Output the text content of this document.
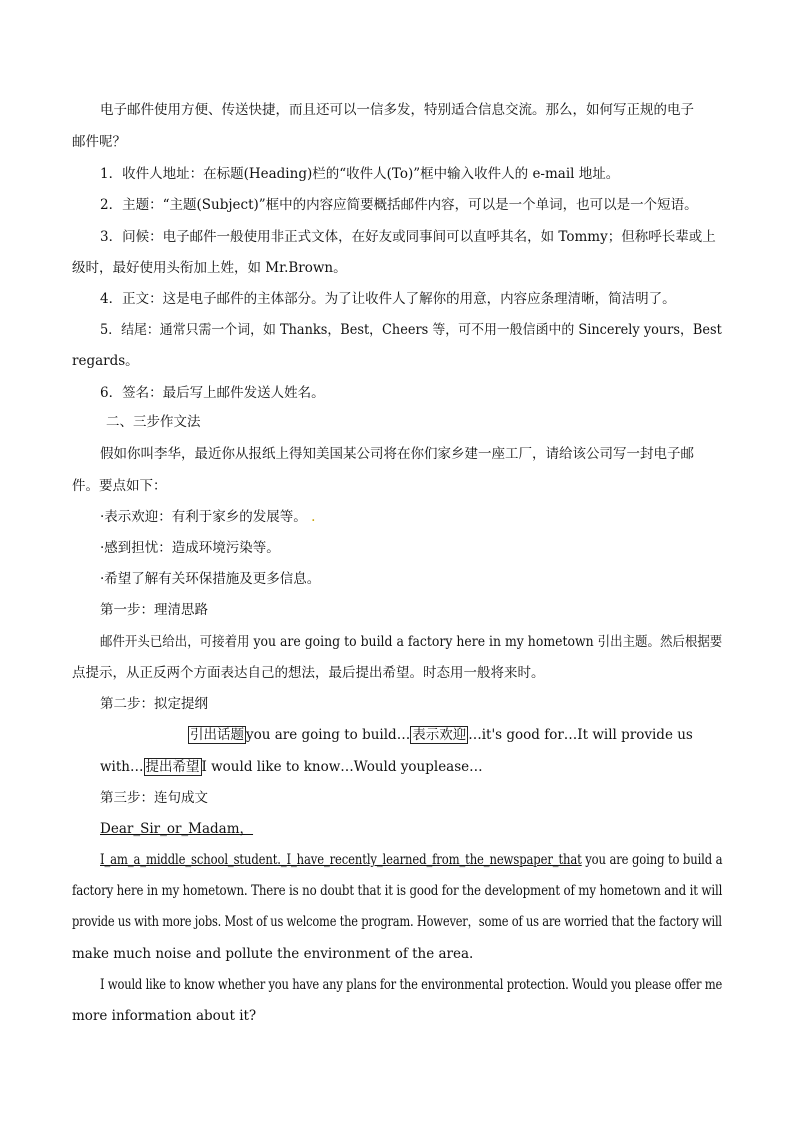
电子邮件使用方便、传送快捷，而且还可以一信多发，特别适合信息交流。那么，如何写正规的电子
邮件呢？
1．收件人地址：在标题(Heading)栏的“收件人(To)”框中输入收件人的 e-mail 地址。
2．主题：“主题(Subject)”框中的内容应简要概括邮件内容，可以是一个单词，也可以是一个短语。
3．问候：电子邮件一般使用非正式文体，在好友或同事间可以直呼其名，如 Tommy；但称呼长辈或上
级时，最好使用头衔加上姓，如 Mr.Brown。
4．正文：这是电子邮件的主体部分。为了让收件人了解你的用意，内容应条理清晰，简洁明了。
5．结尾：通常只需一个词，如 Thanks，Best，Cheers 等，可不用一般信函中的 Sincerely yours，Best
regards。
6．签名：最后写上邮件发送人姓名。
二、三步作文法
假如你叫李华，最近你从报纸上得知美国某公司将在你们家乡建一座工厂，请给该公司写一封电子邮
件。要点如下：
·表示欢迎：有利于家乡的发展等。 .
·感到担忧：造成环境污染等。
·希望了解有关环保措施及更多信息。
第一步：理清思路
邮件开头已给出，可接着用 you are going to build a factory here in my hometown 引出主题。然后根据要
点提示，从正反两个方面表达自己的想法，最后提出希望。时态用一般将来时。
第二步：拟定提纲
引出话题 you are going to build… 表示欢迎 …it's good for…It will provide us
with… 提出希望 I would like to know…Would youplease…
第三步：连句成文
Dear_Sir_or_Madam，
I_am_a_middle_school_student._I_have_recently_learned_from_the_newspaper_that you are going to build a
factory here in my hometown. There is no doubt that it is good for the development of my hometown and it will
provide us with more jobs. Most of us welcome the program. However，some of us are worried that the factory will
make much noise and pollute the environment of the area.
I would like to know whether you have any plans for the environmental protection. Would you please offer me
more information about it?
